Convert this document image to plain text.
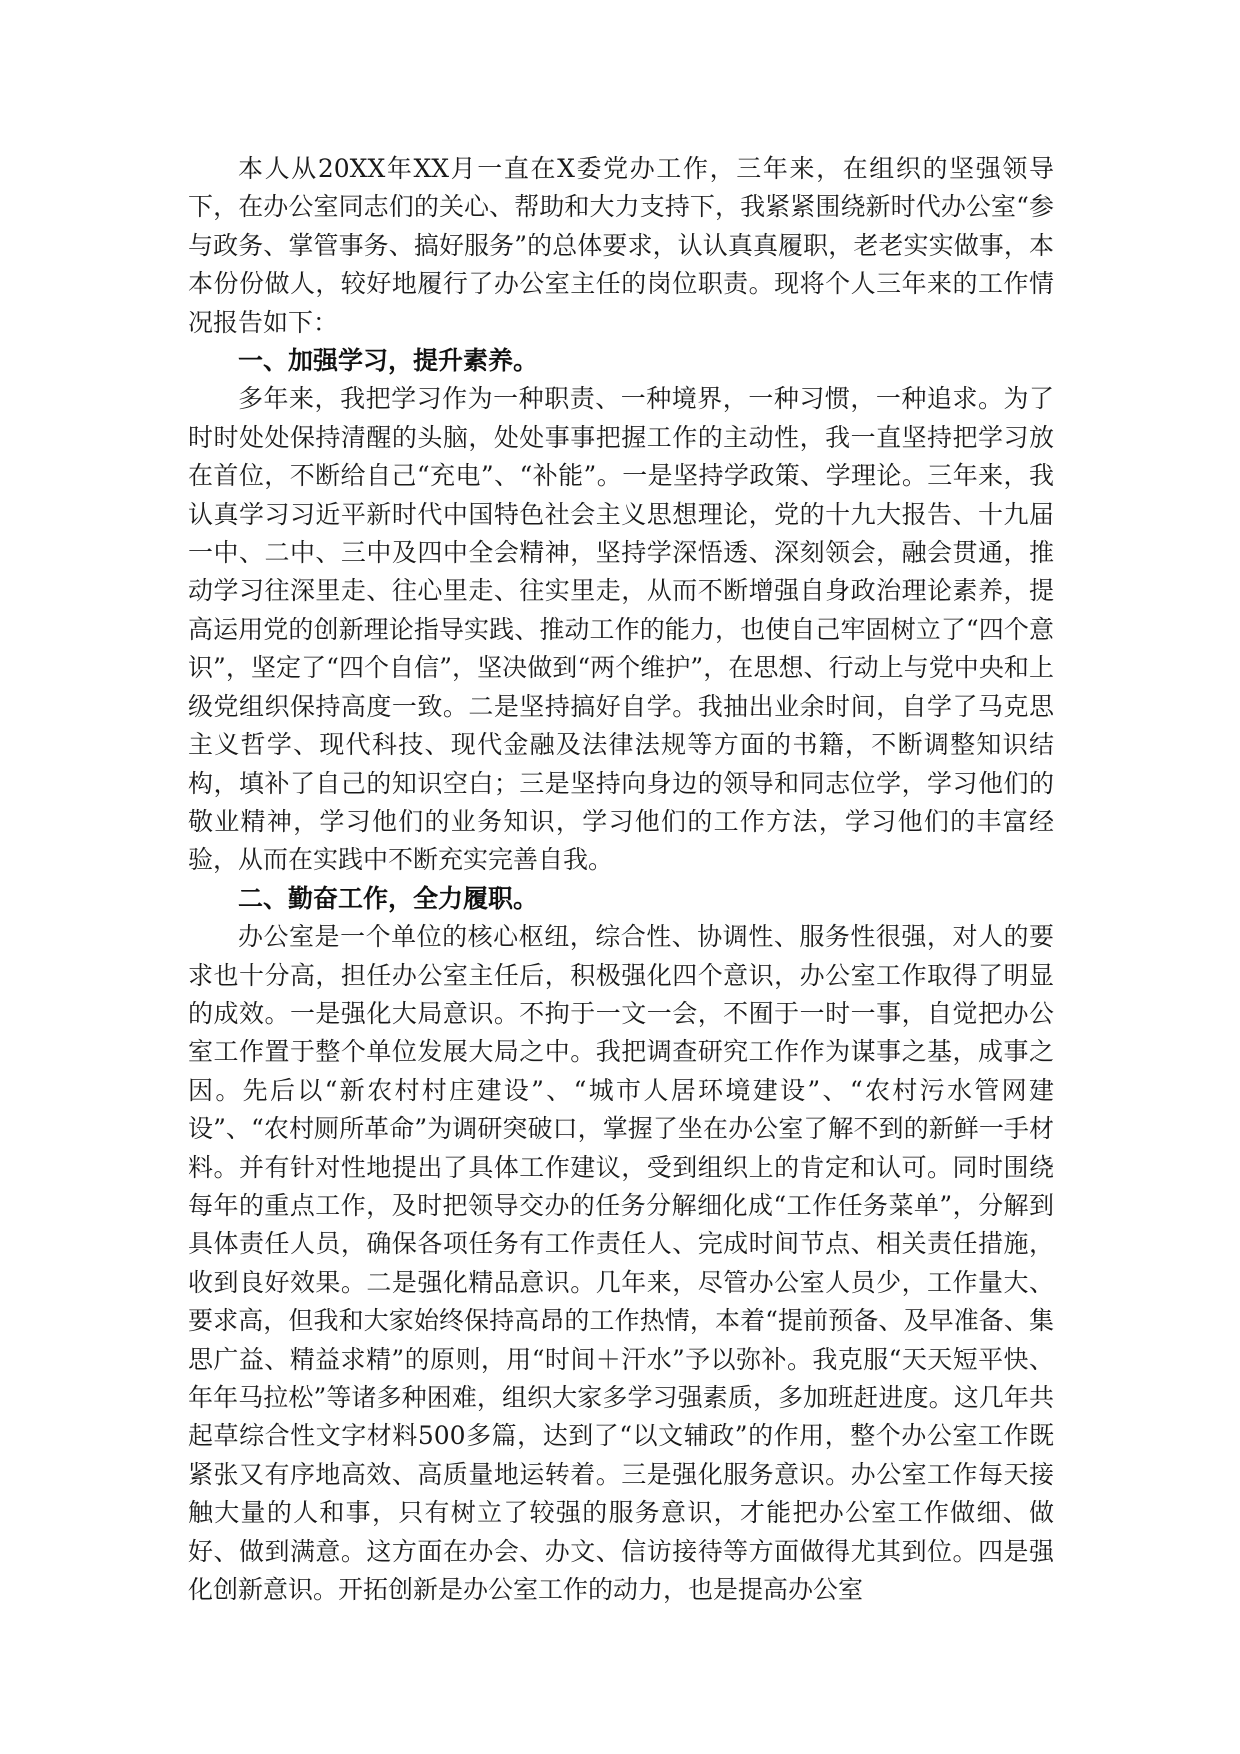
本人从20XX年XX月一直在X委党办工作，三年来，在组织的坚强领导下，在办公室同志们的关心、帮助和大力支持下，我紧紧围绕新时代办公室“参与政务、掌管事务、搞好服务”的总体要求，认认真真履职，老老实实做事，本本份份做人，较好地履行了办公室主任的岗位职责。现将个人三年来的工作情况报告如下：

一、加强学习，提升素养。

多年来，我把学习作为一种职责、一种境界，一种习惯，一种追求。为了时时处处保持清醒的头脑，处处事事把握工作的主动性，我一直坚持把学习放在首位，不断给自己“充电”、“补能”。一是坚持学政策、学理论。三年来，我认真学习习近平新时代中国特色社会主义思想理论，党的十九大报告、十九届一中、二中、三中及四中全会精神，坚持学深悟透、深刻领会，融会贯通，推动学习往深里走、往心里走、往实里走，从而不断增强自身政治理论素养，提高运用党的创新理论指导实践、推动工作的能力，也使自己牢固树立了“四个意识”，坚定了“四个自信”，坚决做到“两个维护”，在思想、行动上与党中央和上级党组织保持高度一致。二是坚持搞好自学。我抽出业余时间，自学了马克思主义哲学、现代科技、现代金融及法律法规等方面的书籍，不断调整知识结构，填补了自己的知识空白；三是坚持向身边的领导和同志位学，学习他们的敬业精神，学习他们的业务知识，学习他们的工作方法，学习他们的丰富经验，从而在实践中不断充实完善自我。

二、勤奋工作，全力履职。

办公室是一个单位的核心枢纽，综合性、协调性、服务性很强，对人的要求也十分高，担任办公室主任后，积极强化四个意识，办公室工作取得了明显的成效。一是强化大局意识。不拘于一文一会，不囿于一时一事，自觉把办公室工作置于整个单位发展大局之中。我把调查研究工作作为谋事之基，成事之因。先后以“新农村村庄建设”、“城市人居环境建设”、“农村污水管网建设”、“农村厕所革命”为调研突破口，掌握了坐在办公室了解不到的新鲜一手材料。并有针对性地提出了具体工作建议，受到组织上的肯定和认可。同时围绕每年的重点工作，及时把领导交办的任务分解细化成“工作任务菜单”，分解到具体责任人员，确保各项任务有工作责任人、完成时间节点、相关责任措施，收到良好效果。二是强化精品意识。几年来，尽管办公室人员少，工作量大、要求高，但我和大家始终保持高昂的工作热情，本着“提前预备、及早准备、集思广益、精益求精”的原则，用“时间＋汗水”予以弥补。我克服“天天短平快、年年马拉松”等诸多种困难，组织大家多学习强素质，多加班赶进度。这几年共起草综合性文字材料500多篇，达到了“以文辅政”的作用，整个办公室工作既紧张又有序地高效、高质量地运转着。三是强化服务意识。办公室工作每天接触大量的人和事，只有树立了较强的服务意识，才能把办公室工作做细、做好、做到满意。这方面在办会、办文、信访接待等方面做得尤其到位。四是强化创新意识。开拓创新是办公室工作的动力，也是提高办公室
